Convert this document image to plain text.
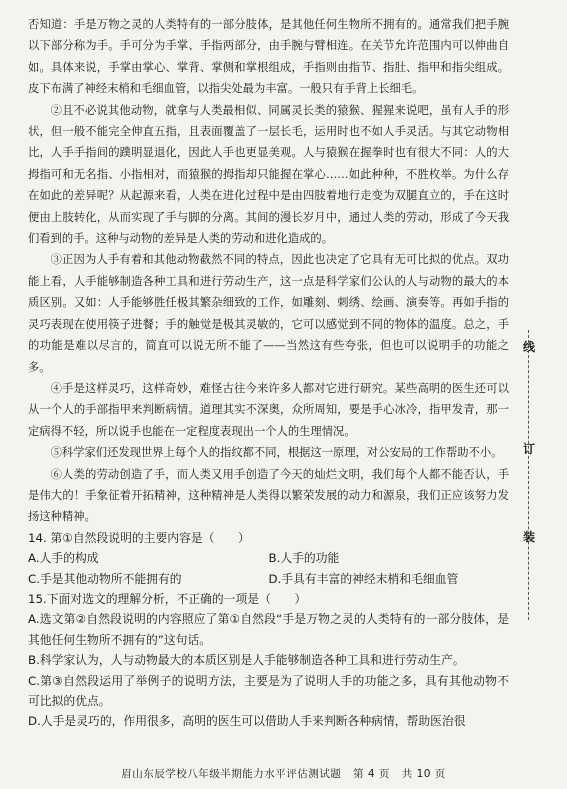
否知道：手是万物之灵的人类特有的一部分肢体，是其他任何生物所不拥有的。通常我们把手腕以下部分称为手。手可分为手掌、手指两部分，由手腕与臂相连。在关节允许范围内可以伸曲自如。具体来说，手掌由掌心、掌背、掌侧和掌根组成，手指则由指节、指肚、指甲和指尖组成。皮下布满了神经末梢和毛细血管，以指尖处最为丰富。一般只有手背上长细毛。

②且不必说其他动物，就拿与人类最相似、同属灵长类的猿猴、猩猩来说吧，虽有人手的形状，但一般不能完全伸直五指，且表面覆盖了一层长毛，运用时也不如人手灵活。与其它动物相比，人手手指间的蹼明显退化，因此人手也更显美观。人与猿猴在握拳时也有很大不同：人的大拇指可和无名指、小指相对，而猿猴的拇指却只能握在掌心……如此种种，不胜枚举。为什么存在如此的差异呢？从起源来看，人类在进化过程中是由四肢着地行走变为双腿直立的，手在这时便由上肢转化，从而实现了手与脚的分离。其间的漫长岁月中，通过人类的劳动，形成了今天我们看到的手。这种与动物的差异是人类的劳动和进化造成的。

③正因为人手有着和其他动物截然不同的特点，因此也决定了它具有无可比拟的优点。双功能上看，人手能够制造各种工具和进行劳动生产，这一点是科学家们公认的人与动物的最大的本质区别。又如：人手能够胜任极其繁杂细致的工作，如雕刻、刺绣、绘画、演奏等。再如手指的灵巧表现在使用筷子进餐；手的触觉是极其灵敏的，它可以感觉到不同的物体的温度。总之，手的功能是难以尽言的，简直可以说无所不能了——当然这有些夸张，但也可以说明手的功能之多。

④手是这样灵巧，这样奇妙，难怪古往今来许多人都对它进行研究。某些高明的医生还可以从一个人的手部指甲来判断病情。道理其实不深奥，众所周知，要是手心冰冷，指甲发青，那一定病得不轻，所以说手也能在一定程度表现出一个人的生理情况。

⑤科学家们还发现世界上每个人的指纹都不同，根据这一原理，对公安局的工作帮助不小。

⑥人类的劳动创造了手，而人类又用手创造了今天的灿烂文明，我们每个人都不能否认，手是伟大的！手象征着开拓精神，这种精神是人类得以繁荣发展的动力和源泉，我们正应该努力发扬这种精神。

14. 第①自然段说明的主要内容是（　　）

A.人手的构成	B.人手的功能
C.手是其他动物所不能拥有的	D.手具有丰富的神经末梢和毛细血管

15.下面对选文的理解分析，不正确的一项是（　　）

A.选文第②自然段说明的内容照应了第①自然段“手是万物之灵的人类特有的一部分肢体，是其他任何生物所不拥有的”这句话。

B.科学家认为，人与动物最大的本质区别是人手能够制造各种工具和进行劳动生产。

C.第③自然段运用了举例子的说明方法，主要是为了说明人手的功能之多，具有其他动物不可比拟的优点。

D.人手是灵巧的，作用很多，高明的医生可以借助人手来判断各种病情，帮助医治很

线
订
装
眉山东辰学校八年级半期能力水平评估测试题 第 4 页 共 10 页
